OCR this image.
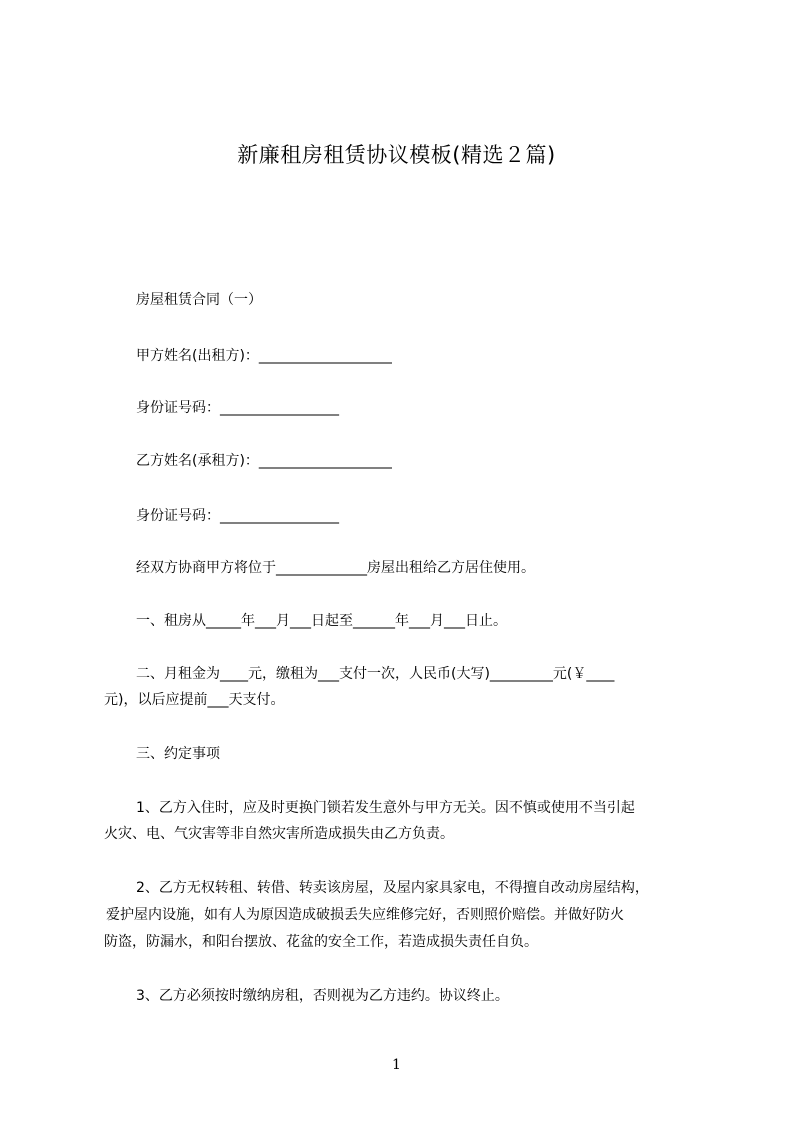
新廉租房租赁协议模板(精选２篇)
房屋租赁合同（一）
甲方姓名(出租方)：___________________
身份证号码：_________________
乙方姓名(承租方)：___________________
身份证号码：_________________
经双方协商甲方将位于_____________房屋出租给乙方居住使用。
一、租房从_____年___月___日起至______年___月___日止。
二、月租金为____元，缴租为___支付一次，人民币(大写)_________元(￥____
元)，以后应提前___天支付。
三、约定事项
1、乙方入住时，应及时更换门锁若发生意外与甲方无关。因不慎或使用不当引起
火灾、电、气灾害等非自然灾害所造成损失由乙方负责。
2、乙方无权转租、转借、转卖该房屋，及屋内家具家电，不得擅自改动房屋结构，
爱护屋内设施，如有人为原因造成破损丢失应维修完好，否则照价赔偿。并做好防火
防盗，防漏水，和阳台摆放、花盆的安全工作，若造成损失责任自负。
3、乙方必须按时缴纳房租，否则视为乙方违约。协议终止。
1
